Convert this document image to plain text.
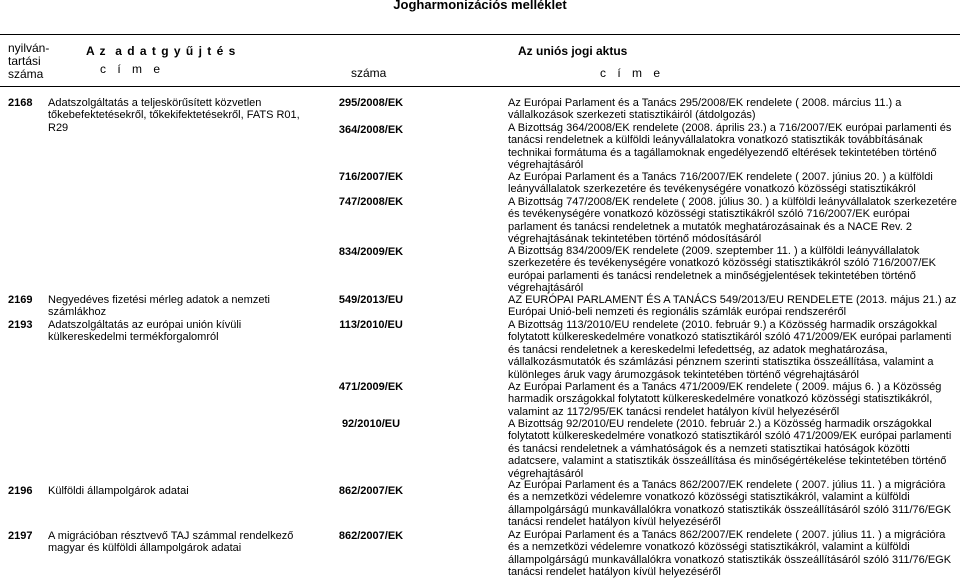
Jogharmonizációs melléklet
nyilván-
tartási
száma
A z  a d a t g y ű j t é s
c í m e
Az uniós jogi aktus
száma	c í m e
2168
2169
2193
2196
2197
Adatszolgáltatás a teljeskörűsített közvetlen tőkebefektetésekről, tőkekifektetésekről, FATS R01, R29
Negyedéves fizetési mérleg adatok a nemzeti számlákhoz
Adatszolgáltatás az európai unión kívüli külkereskedelmi termékforgalomról
Külföldi állampolgárok adatai
A migrációban résztvevő TAJ számmal rendelkező magyar és külföldi állampolgárok adatai
295/2008/EK
364/2008/EK
716/2007/EK
747/2008/EK
834/2009/EK
549/2013/EU
113/2010/EU
471/2009/EK
92/2010/EU
862/2007/EK
862/2007/EK
Az Európai Parlament és a Tanács 295/2008/EK rendelete ( 2008. március 11.) a vállalkozások szerkezeti statisztikáiról (átdolgozás)
A Bizottság 364/2008/EK rendelete (2008. április 23.) a 716/2007/EK európai parlamenti és tanácsi rendeletnek a külföldi leányvállalatokra vonatkozó statisztikák továbbításának technikai formátuma és a tagállamoknak engedélyezendő eltérések tekintetében történő végrehajtásáról
Az Európai Parlament és a Tanács 716/2007/EK rendelete ( 2007. június 20. ) a külföldi leányvállalatok szerkezetére és tevékenységére vonatkozó közösségi statisztikákról
A Bizottság 747/2008/EK rendelete ( 2008. július 30. ) a külföldi leányvállalatok szerkezetére és tevékenységére vonatkozó közösségi statisztikákról szóló 716/2007/EK európai parlament és tanácsi rendeletnek a mutatók meghatározásainak és a NACE Rev. 2 végrehajtásának tekintetében történő módosításáról
A Bizottság 834/2009/EK rendelete (2009. szeptember 11. ) a külföldi leányvállalatok szerkezetére és tevékenységére vonatkozó közösségi statisztikákról szóló 716/2007/EK európai parlamenti és tanácsi rendeletnek a minőségjelentések tekintetében történő végrehajtásáról
AZ EURÓPAI PARLAMENT ÉS A TANÁCS 549/2013/EU RENDELETE (2013. május 21.) az Európai Unió-beli nemzeti és regionális számlák európai rendszeréről
A Bizottság 113/2010/EU rendelete (2010. február 9.) a Közösség harmadik országokkal folytatott külkereskedelmére vonatkozó statisztikáról szóló 471/2009/EK európai parlamenti és tanácsi rendeletnek a kereskedelmi lefedettség, az adatok meghatározása, vállalkozásmutatók és számlázási pénznem szerinti statisztika összeállítása, valamint a különleges áruk vagy árumozgások tekintetében történő végrehajtásáról
Az Európai Parlament és a Tanács 471/2009/EK rendelete ( 2009. május 6. ) a Közösség harmadik országokkal folytatott külkereskedelmére vonatkozó közösségi statisztikákról, valamint az 1172/95/EK tanácsi rendelet hatályon kívül helyezéséről
A Bizottság 92/2010/EU rendelete (2010. február 2.) a Közösség harmadik országokkal folytatott külkereskedelmére vonatkozó statisztikáról szóló 471/2009/EK európai parlamenti és tanácsi rendeletnek a vámhatóságok és a nemzeti statisztikai hatóságok közötti adatcsere, valamint a statisztikák összeállítása és minőségértékelése tekintetében történő végrehajtásáról
Az Európai Parlament és a Tanács 862/2007/EK rendelete ( 2007. július 11. ) a migrációra és a nemzetközi védelemre vonatkozó közösségi statisztikákról, valamint a külföldi állampolgárságú munkavállalókra vonatkozó statisztikák összeállításáról szóló 311/76/EGK tanácsi rendelet hatályon kívül helyezéséről
Az Európai Parlament és a Tanács 862/2007/EK rendelete ( 2007. július 11. ) a migrációra és a nemzetközi védelemre vonatkozó közösségi statisztikákról, valamint a külföldi állampolgárságú munkavállalókra vonatkozó statisztikák összeállításáról szóló 311/76/EGK tanácsi rendelet hatályon kívül helyezéséről
